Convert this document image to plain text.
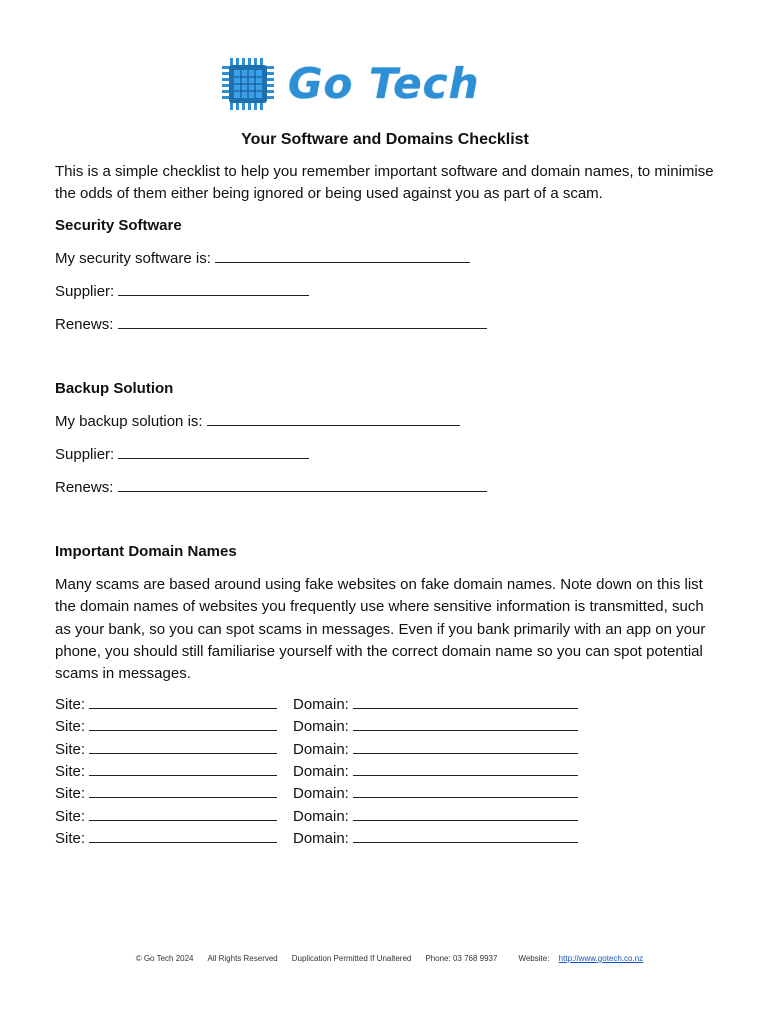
Go Tech
Your Software and Domains Checklist

This is a simple checklist to help you remember important software and domain names, to minimise the odds of them either being ignored or being used against you as part of a scam.

Security Software

My security software is:

Supplier:

Renews:

Backup Solution

My backup solution is:

Supplier:

Renews:

Important Domain Names

Many scams are based around using fake websites on fake domain names. Note down on this list the domain names of websites you frequently use where sensitive information is transmitted, such as your bank, so you can spot scams in messages. Even if you bank primarily with an app on your phone, you should still familiarise yourself with the correct domain name so you can spot potential scams in messages.

Site:	Domain:
Site:	Domain:
Site:	Domain:
Site:	Domain:
Site:	Domain:
Site:	Domain:
Site:	Domain:

© Go Tech 2024 All Rights Reserved Duplication Permitted If Unaltered Phone: 03 768 9937	Website: http://www.gotech.co.nz
